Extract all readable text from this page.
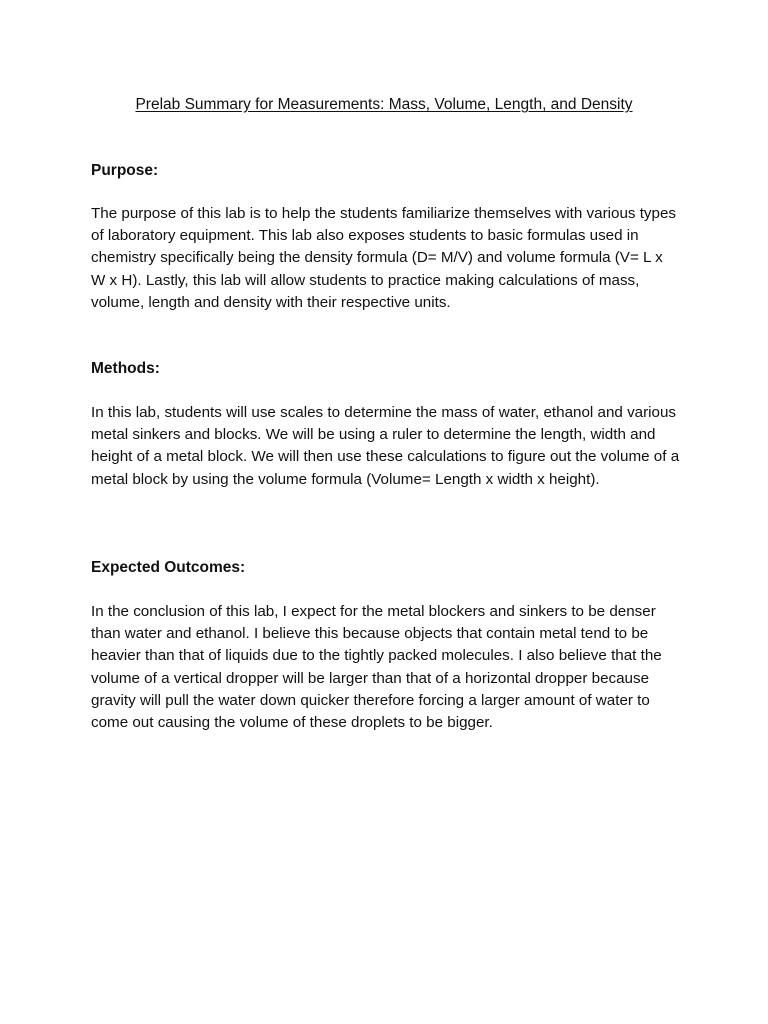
Prelab Summary for Measurements: Mass, Volume, Length, and Density
Purpose:

The purpose of this lab is to help the students familiarize themselves with various types of laboratory equipment. This lab also exposes students to basic formulas used in chemistry specifically being the density formula (D= M/V) and volume formula (V= L x W x H). Lastly, this lab will allow students to practice making calculations of mass, volume, length and density with their respective units.

Methods:

In this lab, students will use scales to determine the mass of water, ethanol and various metal sinkers and blocks. We will be using a ruler to determine the length, width and height of a metal block. We will then use these calculations to figure out the volume of a metal block by using the volume formula (Volume= Length x width x height).

Expected Outcomes:

In the conclusion of this lab, I expect for the metal blockers and sinkers to be denser than water and ethanol. I believe this because objects that contain metal tend to be heavier than that of liquids due to the tightly packed molecules. I also believe that the volume of a vertical dropper will be larger than that of a horizontal dropper because gravity will pull the water down quicker therefore forcing a larger amount of water to come out causing the volume of these droplets to be bigger.
